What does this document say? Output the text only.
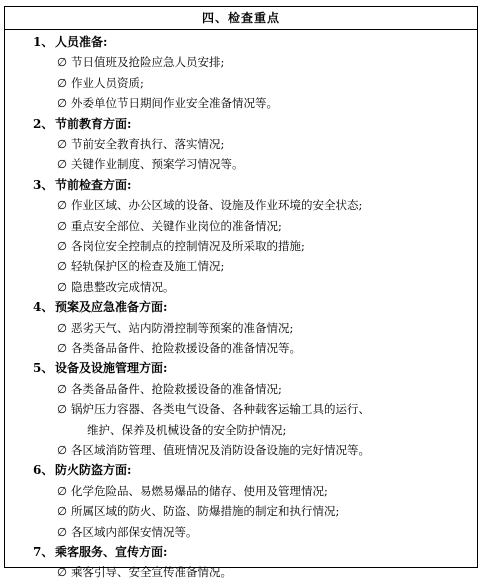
四、检查重点
1、 人员准备:
∅ 节日值班及抢险应急人员安排;
∅ 作业人员资质;
∅ 外委单位节日期间作业安全准备情况等。
2、 节前教育方面:
∅ 节前安全教育执行、落实情况;
∅ 关键作业制度、预案学习情况等。
3、 节前检查方面:
∅ 作业区域、办公区域的设备、设施及作业环境的安全状态;
∅ 重点安全部位、关键作业岗位的准备情况;
∅ 各岗位安全控制点的控制情况及所采取的措施;
∅ 轻轨保护区的检查及施工情况;
∅ 隐患整改完成情况。
4、 预案及应急准备方面:
∅ 恶劣天气、站内防滑控制等预案的准备情况;
∅ 各类备品备件、抢险救援设备的准备情况等。
5、 设备及设施管理方面:
∅ 各类备品备件、抢险救援设备的准备情况;
∅ 锅炉压力容器、各类电气设备、各种载客运输工具的运行、
维护、保养及机械设备的安全防护情况;
∅ 各区域消防管理、值班情况及消防设备设施的完好情况等。
6、 防火防盗方面:
∅ 化学危险品、易燃易爆品的储存、使用及管理情况;
∅ 所属区域的防火、防盗、防爆措施的制定和执行情况;
∅ 各区域内部保安情况等。
7、 乘客服务、宣传方面:
∅ 乘客引导、安全宣传准备情况。
